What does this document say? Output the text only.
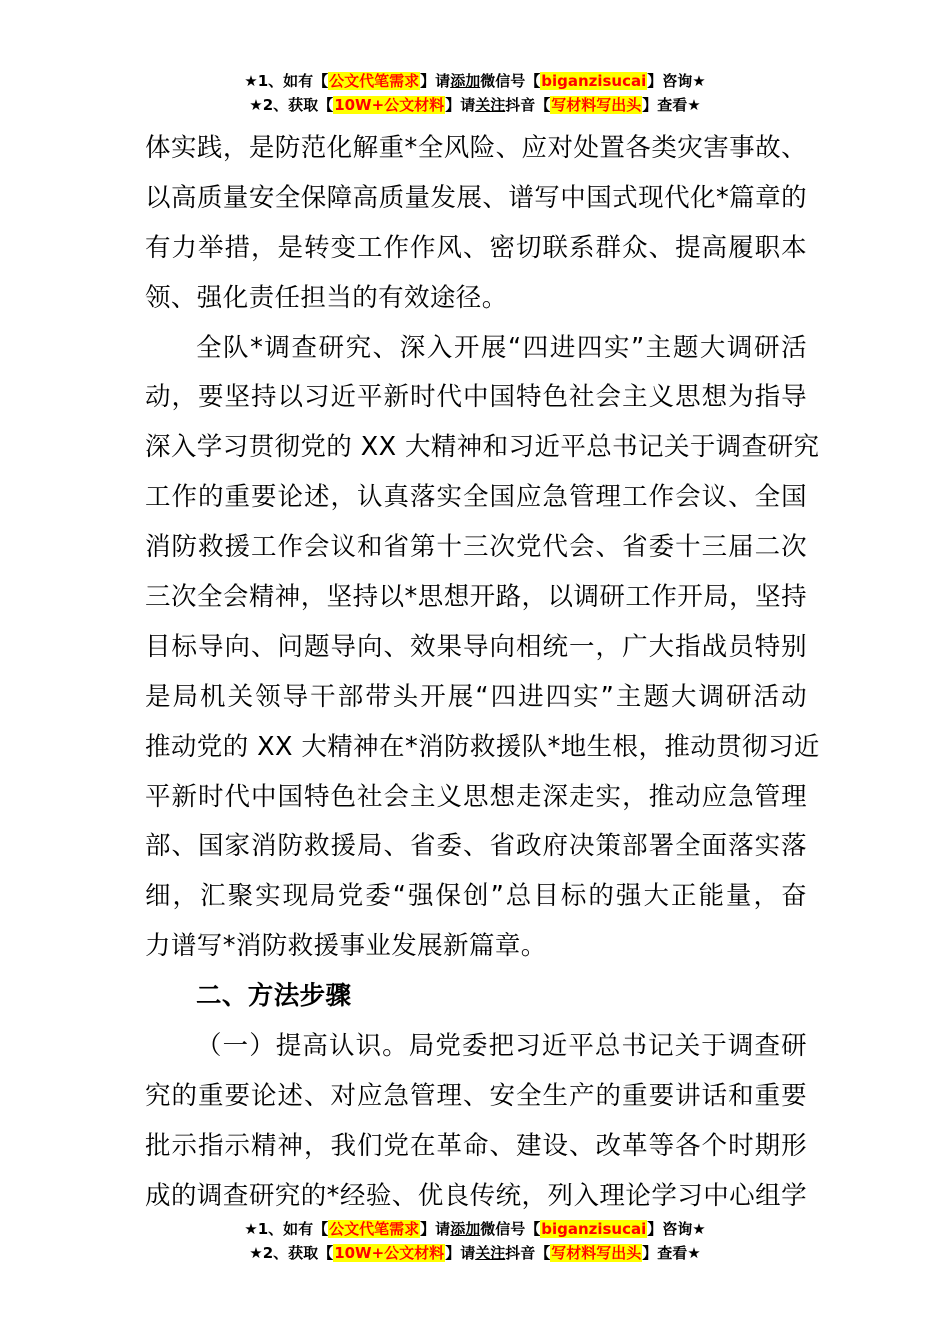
★1、如有【公文代笔需求】请添加微信号【biganzisucai】咨询★
★2、获取【10W+公文材料】请关注抖音【写材料写出头】查看★
体实践，是防范化解重*全风险、应对处置各类灾害事故、
以高质量安全保障高质量发展、谱写中国式现代化*篇章的
有力举措，是转变工作作风、密切联系群众、提高履职本
领、强化责任担当的有效途径。
全队*调查研究、深入开展“四进四实”主题大调研活
动，要坚持以习近平新时代中国特色社会主义思想为指导
深入学习贯彻党的 XX 大精神和习近平总书记关于调查研究
工作的重要论述，认真落实全国应急管理工作会议、全国
消防救援工作会议和省第十三次党代会、省委十三届二次
三次全会精神，坚持以*思想开路，以调研工作开局，坚持
目标导向、问题导向、效果导向相统一，广大指战员特别
是局机关领导干部带头开展“四进四实”主题大调研活动
推动党的 XX 大精神在*消防救援队*地生根，推动贯彻习近
平新时代中国特色社会主义思想走深走实，推动应急管理
部、国家消防救援局、省委、省政府决策部署全面落实落
细，汇聚实现局党委“强保创”总目标的强大正能量，奋
力谱写*消防救援事业发展新篇章。
二、方法步骤
（一）提高认识。局党委把习近平总书记关于调查研
究的重要论述、对应急管理、安全生产的重要讲话和重要
批示指示精神，我们党在革命、建设、改革等各个时期形
成的调查研究的*经验、优良传统，列入理论学习中心组学
★1、如有【公文代笔需求】请添加微信号【biganzisucai】咨询★
★2、获取【10W+公文材料】请关注抖音【写材料写出头】查看★
